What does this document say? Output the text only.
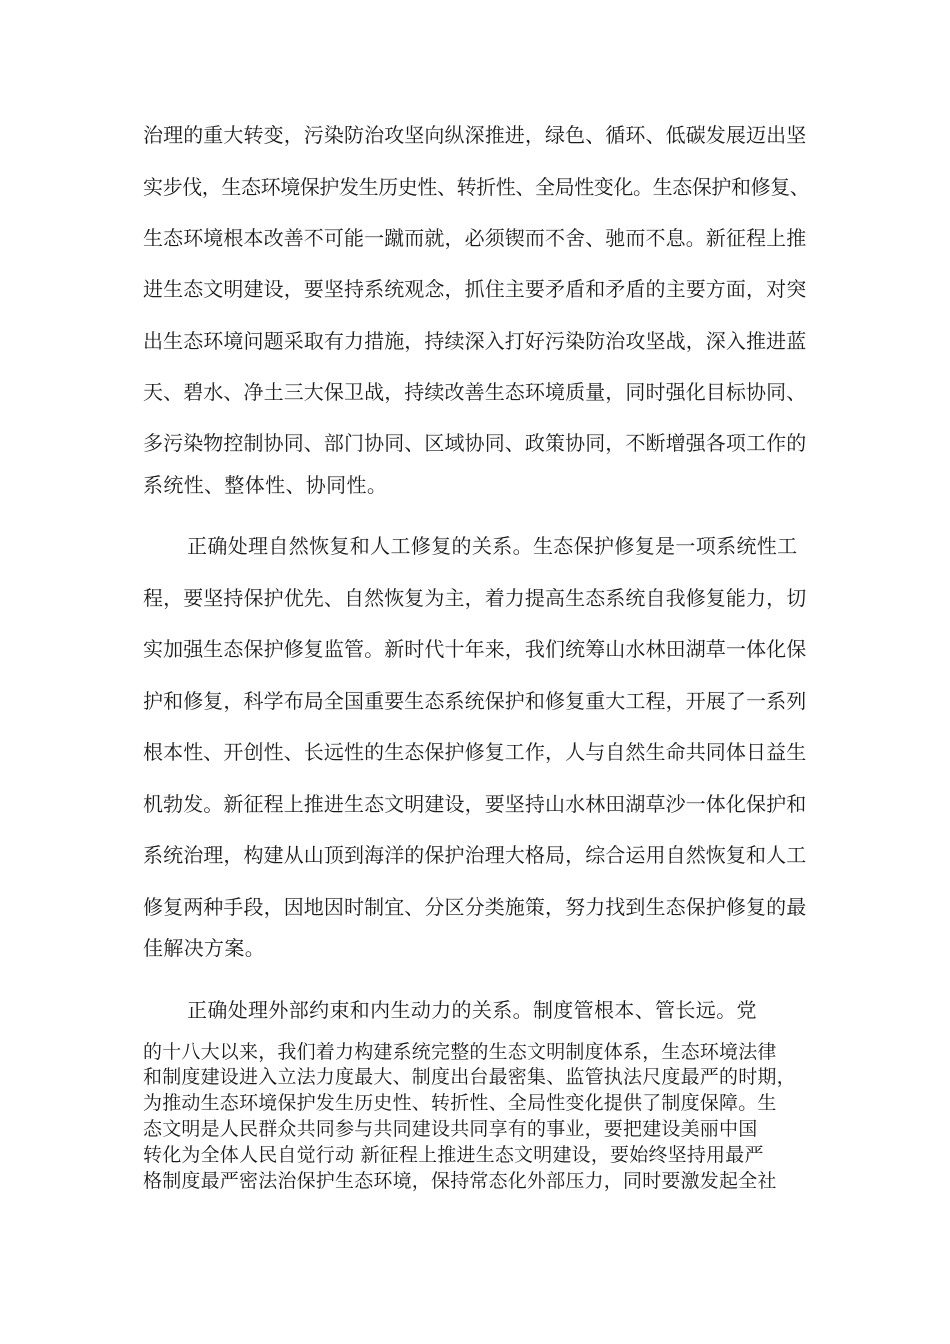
治理的重大转变，污染防治攻坚向纵深推进，绿色、循环、低碳发展迈出坚
实步伐，生态环境保护发生历史性、转折性、全局性变化。生态保护和修复、
生态环境根本改善不可能一蹴而就，必须锲而不舍、驰而不息。新征程上推
进生态文明建设，要坚持系统观念，抓住主要矛盾和矛盾的主要方面，对突
出生态环境问题采取有力措施，持续深入打好污染防治攻坚战，深入推进蓝
天、碧水、净土三大保卫战，持续改善生态环境质量，同时强化目标协同、
多污染物控制协同、部门协同、区域协同、政策协同，不断增强各项工作的
系统性、整体性、协同性。
正确处理自然恢复和人工修复的关系。生态保护修复是一项系统性工
程，要坚持保护优先、自然恢复为主，着力提高生态系统自我修复能力，切
实加强生态保护修复监管。新时代十年来，我们统筹山水林田湖草一体化保
护和修复，科学布局全国重要生态系统保护和修复重大工程，开展了一系列
根本性、开创性、长远性的生态保护修复工作，人与自然生命共同体日益生
机勃发。新征程上推进生态文明建设，要坚持山水林田湖草沙一体化保护和
系统治理，构建从山顶到海洋的保护治理大格局，综合运用自然恢复和人工
修复两种手段，因地因时制宜、分区分类施策，努力找到生态保护修复的最
佳解决方案。
正确处理外部约束和内生动力的关系。制度管根本、管长远。党
的十八大以来，我们着力构建系统完整的生态文明制度体系，生态环境法律
和制度建设进入立法力度最大、制度出台最密集、监管执法尺度最严的时期，
为推动生态环境保护发生历史性、转折性、全局性变化提供了制度保障。生
态文明是人民群众共同参与共同建设共同享有的事业，要把建设美丽中国
转化为全体人民自觉行动 新征程上推进生态文明建设，要始终坚持用最严
格制度最严密法治保护生态环境，保持常态化外部压力，同时要激发起全社
